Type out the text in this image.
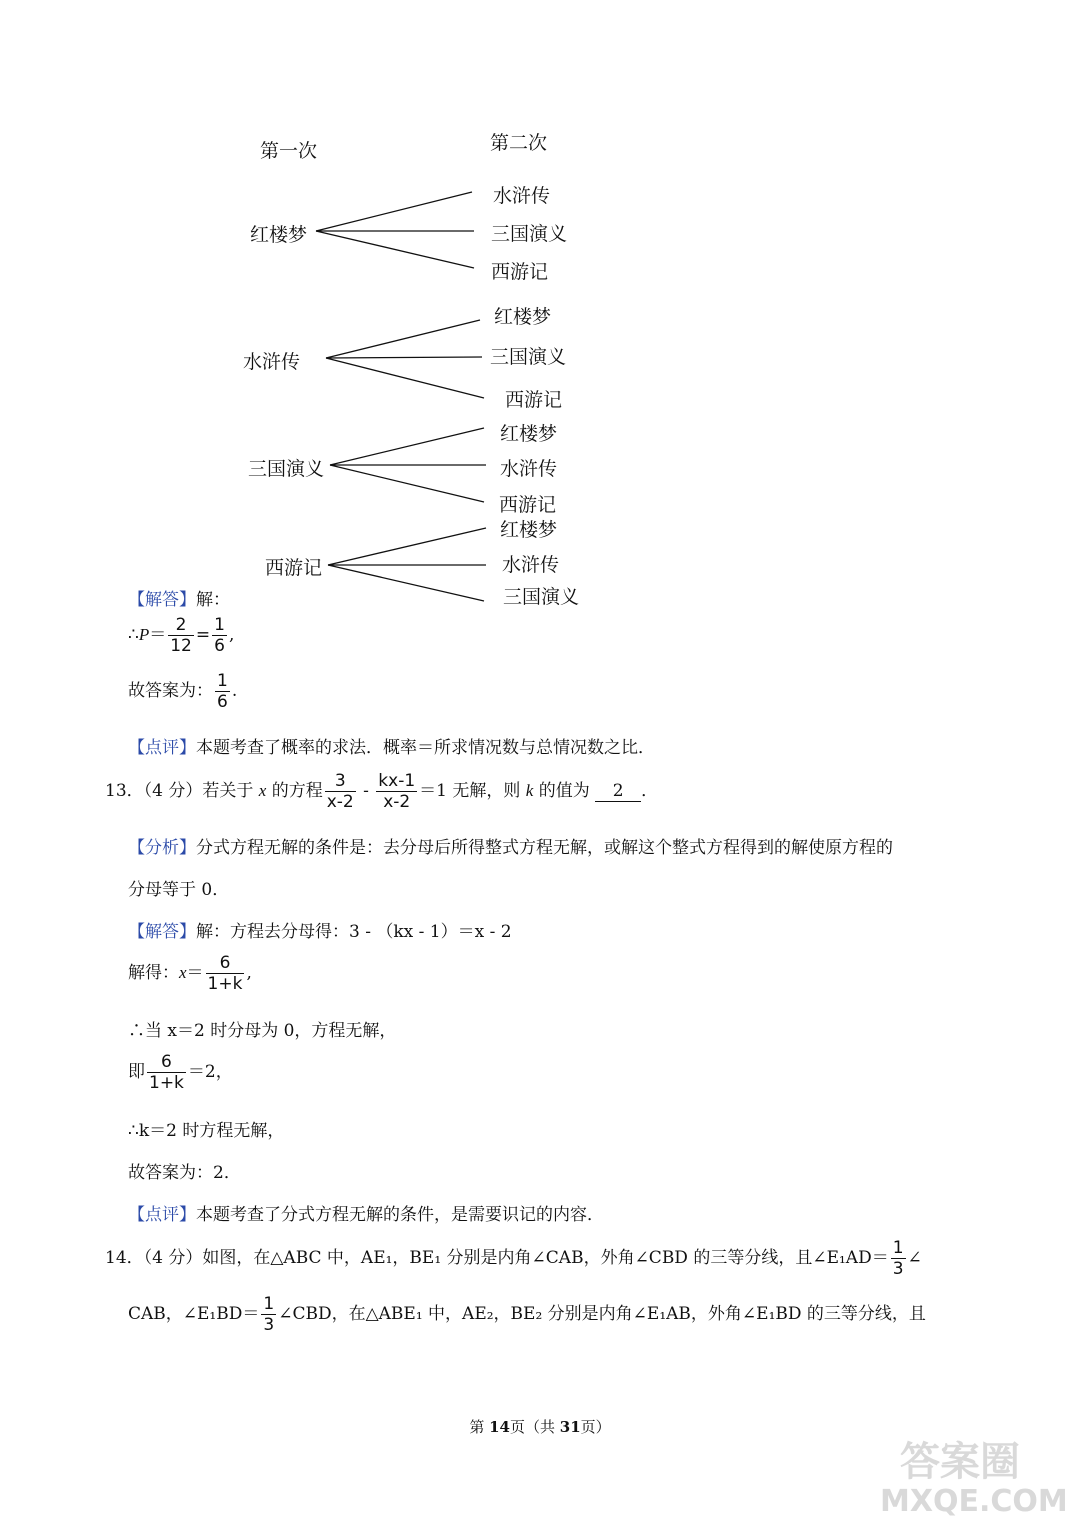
第一次	第二次
红楼梦
水浒传
三国演义
西游记
水浒传
红楼梦
三国演义
西游记
三国演义
红楼梦
水浒传
西游记
西游记
红楼梦
水浒传
三国演义
【解答】解：
∴P＝ $\frac{2}{12} = \frac{1}{6}$ ,
故答案为： $\frac{1}{6}$ .
【点评】本题考查了概率的求法．概率＝所求情况数与总情况数之比．
13．（4 分）若关于 x 的方程 $\frac{3}{x-2} - \frac{kx-1}{x-2} =1$ 无解，则 k 的值为 2 ．
【分析】分式方程无解的条件是：去分母后所得整式方程无解，或解这个整式方程得到的解使原方程的
分母等于 0．
【解答】解：方程去分母得：3 - （kx - 1）＝x - 2
解得：$x= \frac{6}{1+k}$ ,
∴当 x＝2 时分母为 0，方程无解，
即 $\frac{6}{1+k} =2$，
∴k＝2 时方程无解，
故答案为：2．
【点评】本题考查了分式方程无解的条件，是需要识记的内容．
14．（4 分）如图，在△ABC 中，AE₁，BE₁ 分别是内角∠CAB，外角∠CBD 的三等分线，且∠E₁AD＝ $\frac{1}{3}$ ∠
CAB，∠E₁BD＝ $\frac{1}{3}$ ∠CBD，在△ABE₁ 中，AE₂，BE₂ 分别是内角∠E₁AB，外角∠E₁BD 的三等分线，且
第 14页（共 31页）
答案圈
MXQE.COM
